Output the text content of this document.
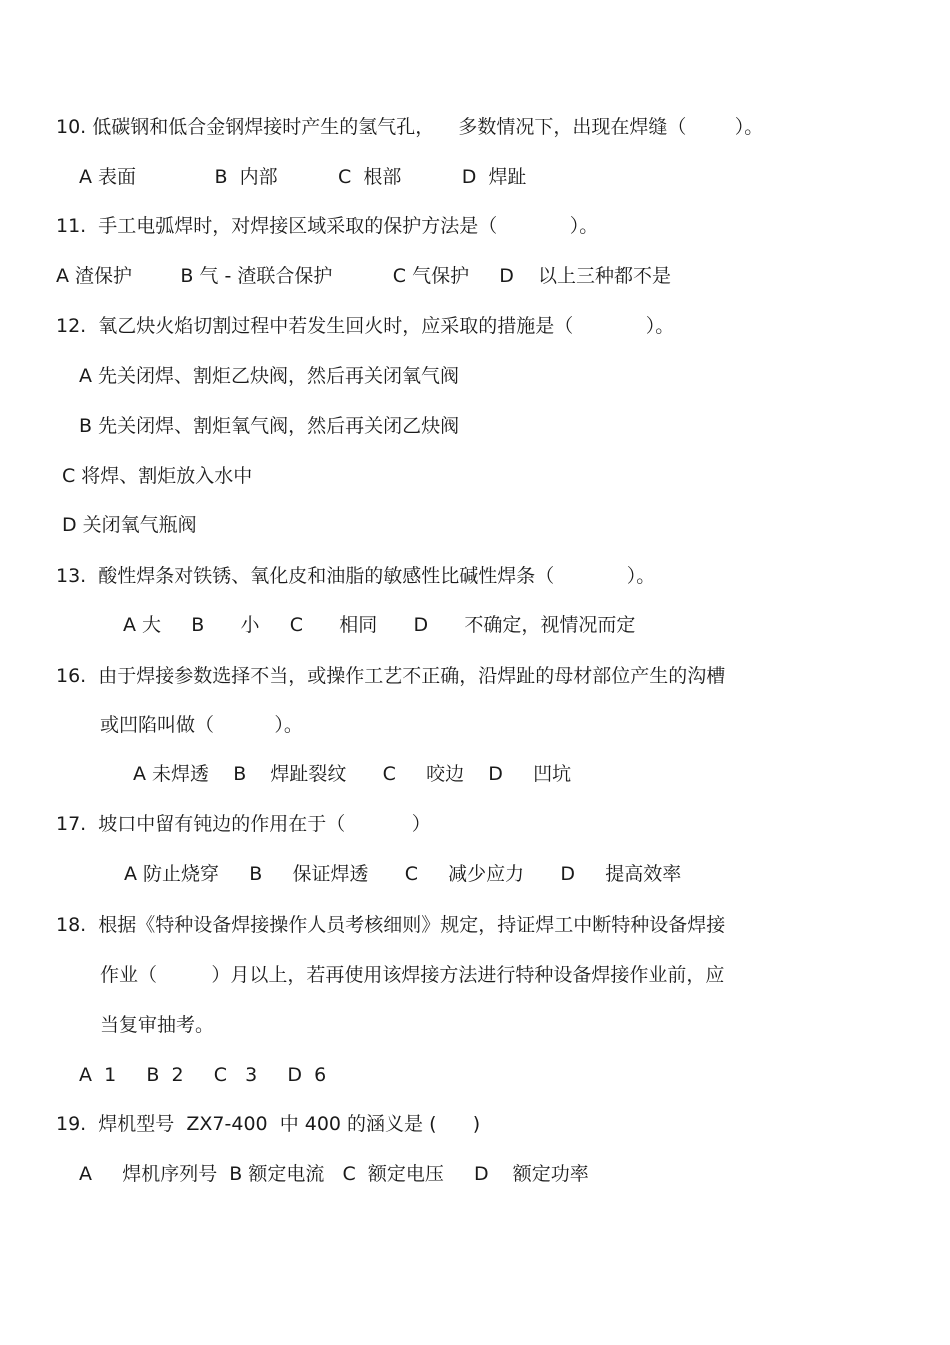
10. 低碳钢和低合金钢焊接时产生的氢气孔，    多数情况下，出现在焊缝（        ）。
A 表面             B  内部          C  根部          D  焊趾
11.  手工电弧焊时，对焊接区域采取的保护方法是（            ）。
A 渣保护        B 气 - 渣联合保护          C 气保护     D    以上三种都不是
12.  氧乙炔火焰切割过程中若发生回火时，应采取的措施是（            ）。
A 先关闭焊、割炬乙炔阀，然后再关闭氧气阀
B 先关闭焊、割炬氧气阀，然后再关闭乙炔阀
C 将焊、割炬放入水中
D 关闭氧气瓶阀
13.  酸性焊条对铁锈、氧化皮和油脂的敏感性比碱性焊条（            ）。
A 大     B      小     C      相同      D      不确定，视情况而定
16.  由于焊接参数选择不当，或操作工艺不正确，沿焊趾的母材部位产生的沟槽
或凹陷叫做（          ）。
A 未焊透    B    焊趾裂纹      C     咬边    D     凹坑
17.  坡口中留有钝边的作用在于（           ）
A 防止烧穿     B     保证焊透      C     减少应力      D     提高效率
18.  根据《特种设备焊接操作人员考核细则》规定，持证焊工中断特种设备焊接
作业（         ）月以上，若再使用该焊接方法进行特种设备焊接作业前，应
当复审抽考。
A  1     B  2     C   3     D  6
19.  焊机型号  ZX7-400  中 400 的涵义是 (      )
A     焊机序列号  B 额定电流   C  额定电压     D    额定功率
